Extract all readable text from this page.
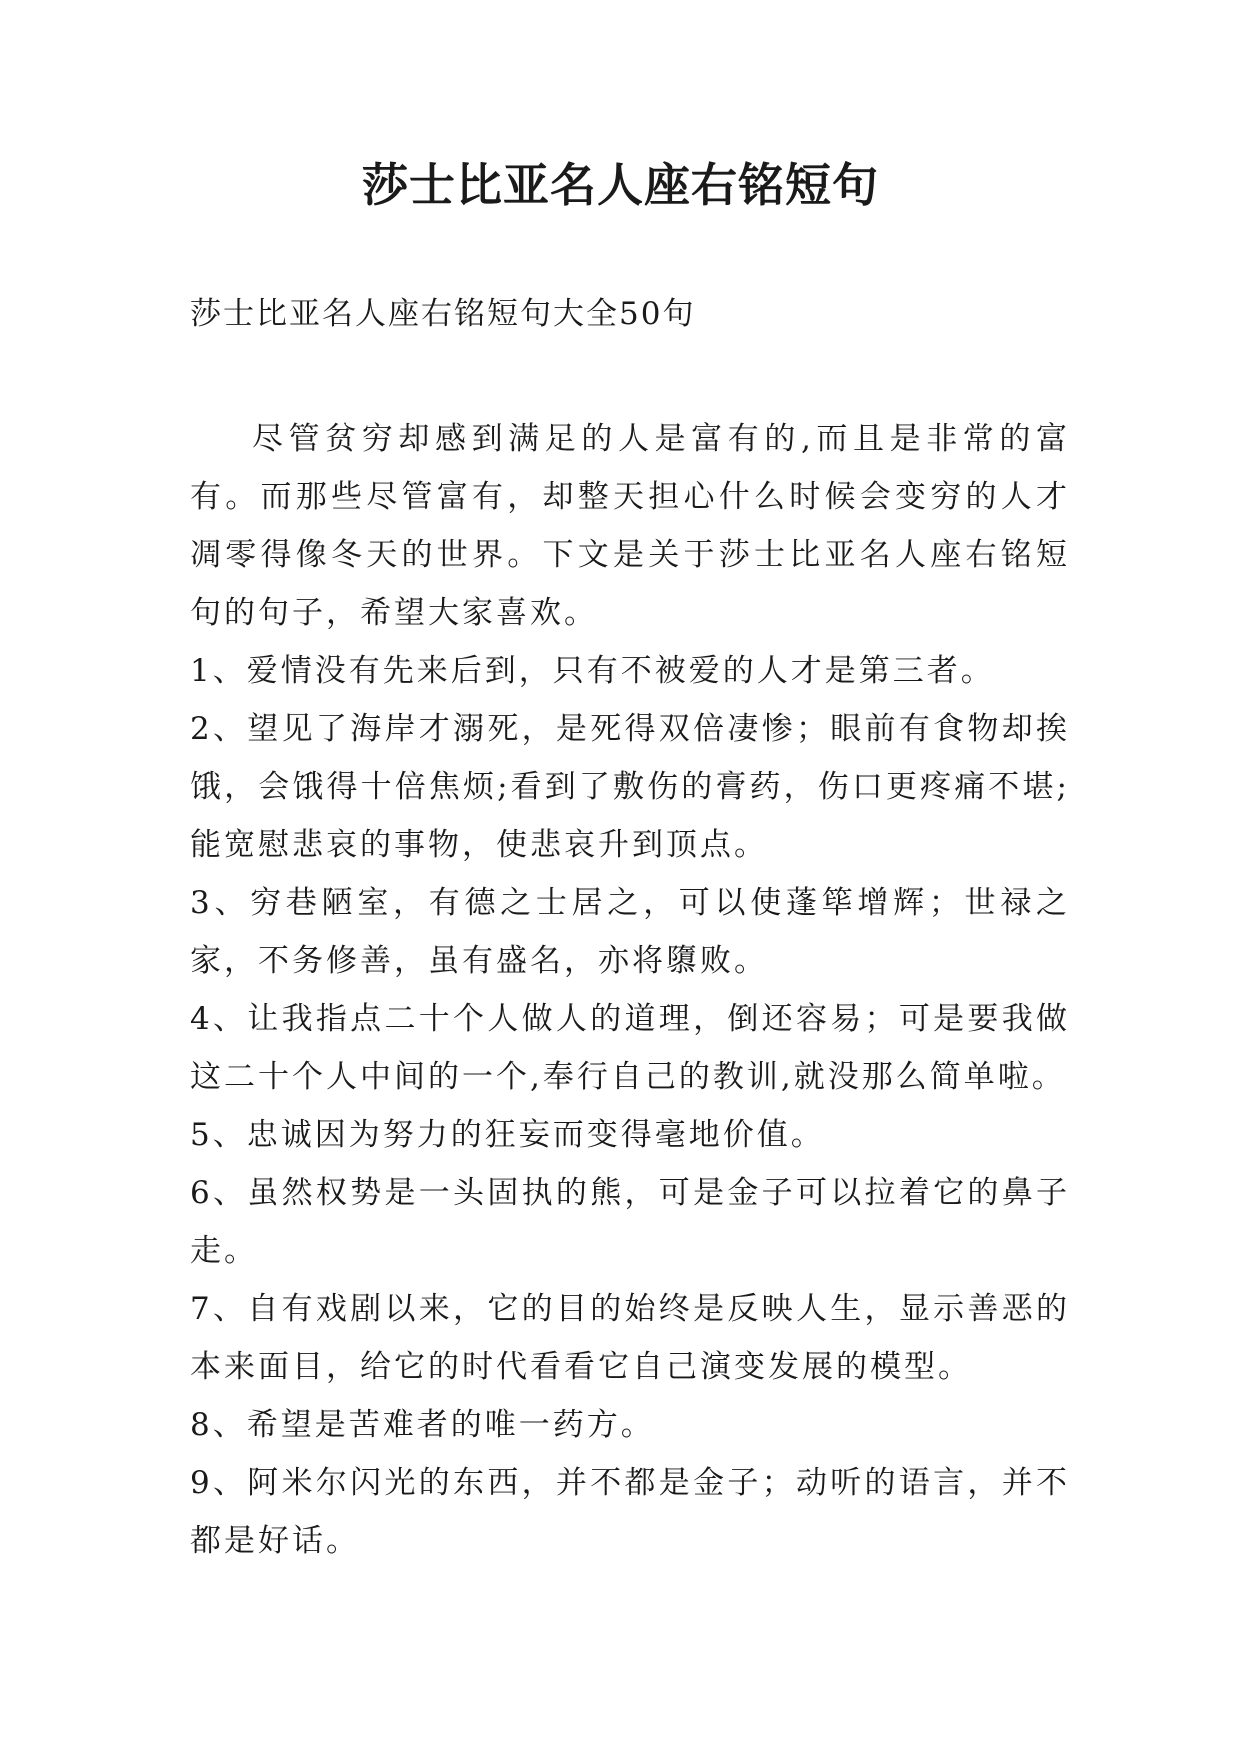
莎士比亚名人座右铭短句

莎士比亚名人座右铭短句大全50句

尽管贫穷却感到满足的人是富有的,而且是非常的富有。而那些尽管富有，却整天担心什么时候会变穷的人才凋零得像冬天的世界。下文是关于莎士比亚名人座右铭短句的句子，希望大家喜欢。

1、爱情没有先来后到，只有不被爱的人才是第三者。

2、望见了海岸才溺死，是死得双倍凄惨；眼前有食物却挨饿，会饿得十倍焦烦;看到了敷伤的膏药，伤口更疼痛不堪;能宽慰悲哀的事物，使悲哀升到顶点。

3、穷巷陋室，有德之士居之，可以使蓬筚增辉；世禄之家，不务修善，虽有盛名，亦将隳败。

4、让我指点二十个人做人的道理，倒还容易；可是要我做这二十个人中间的一个,奉行自己的教训,就没那么简单啦。

5、忠诚因为努力的狂妄而变得毫地价值。

6、虽然权势是一头固执的熊，可是金子可以拉着它的鼻子走。

7、自有戏剧以来，它的目的始终是反映人生，显示善恶的本来面目，给它的时代看看它自己演变发展的模型。

8、希望是苦难者的唯一药方。

9、阿米尔闪光的东西，并不都是金子；动听的语言，并不都是好话。
